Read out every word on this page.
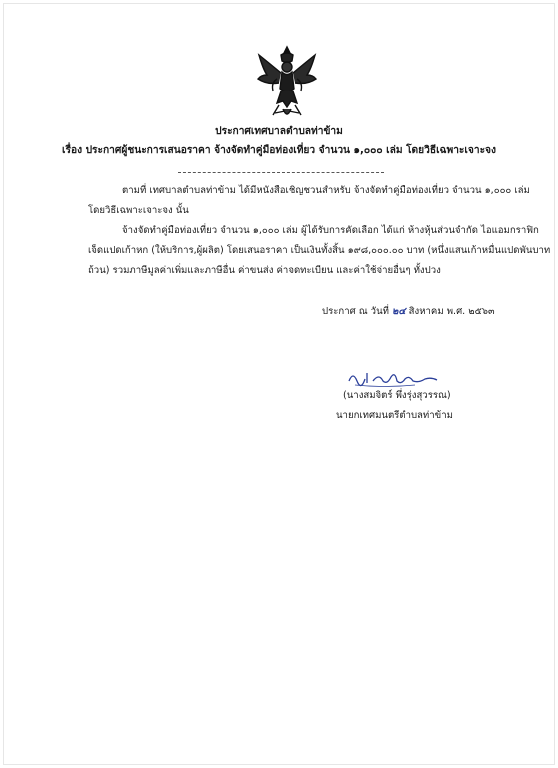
ประกาศเทศบาลตำบลท่าข้าม
เรื่อง ประกาศผู้ชนะการเสนอราคา จ้างจัดทำคู่มือท่องเที่ยว จำนวน ๑,๐๐๐ เล่ม โดยวิธีเฉพาะเจาะจง
ตามที่ เทศบาลตำบลท่าข้าม ได้มีหนังสือเชิญชวนสำหรับ จ้างจัดทำคู่มือท่องเที่ยว จำนวน ๑,๐๐๐ เล่ม
โดยวิธีเฉพาะเจาะจง นั้น
จ้างจัดทำคู่มือท่องเที่ยว จำนวน ๑,๐๐๐ เล่ม ผู้ได้รับการคัดเลือก ได้แก่ ห้างหุ้นส่วนจำกัด ไอแอมกราฟิก
เจ็ดแปดเก้าหก (ให้บริการ,ผู้ผลิต) โดยเสนอราคา เป็นเงินทั้งสิ้น ๑๙๘,๐๐๐.๐๐ บาท (หนึ่งแสนเก้าหมื่นแปดพันบาท
ถ้วน) รวมภาษีมูลค่าเพิ่มและภาษีอื่น ค่าขนส่ง ค่าจดทะเบียน และค่าใช้จ่ายอื่นๆ ทั้งปวง
ประกาศ ณ วันที่ ๒๔ สิงหาคม พ.ศ. ๒๕๖๓
(นางสมจิตร์ พึ่งรุ่งสุวรรณ)
นายกเทศมนตรีตำบลท่าข้าม
